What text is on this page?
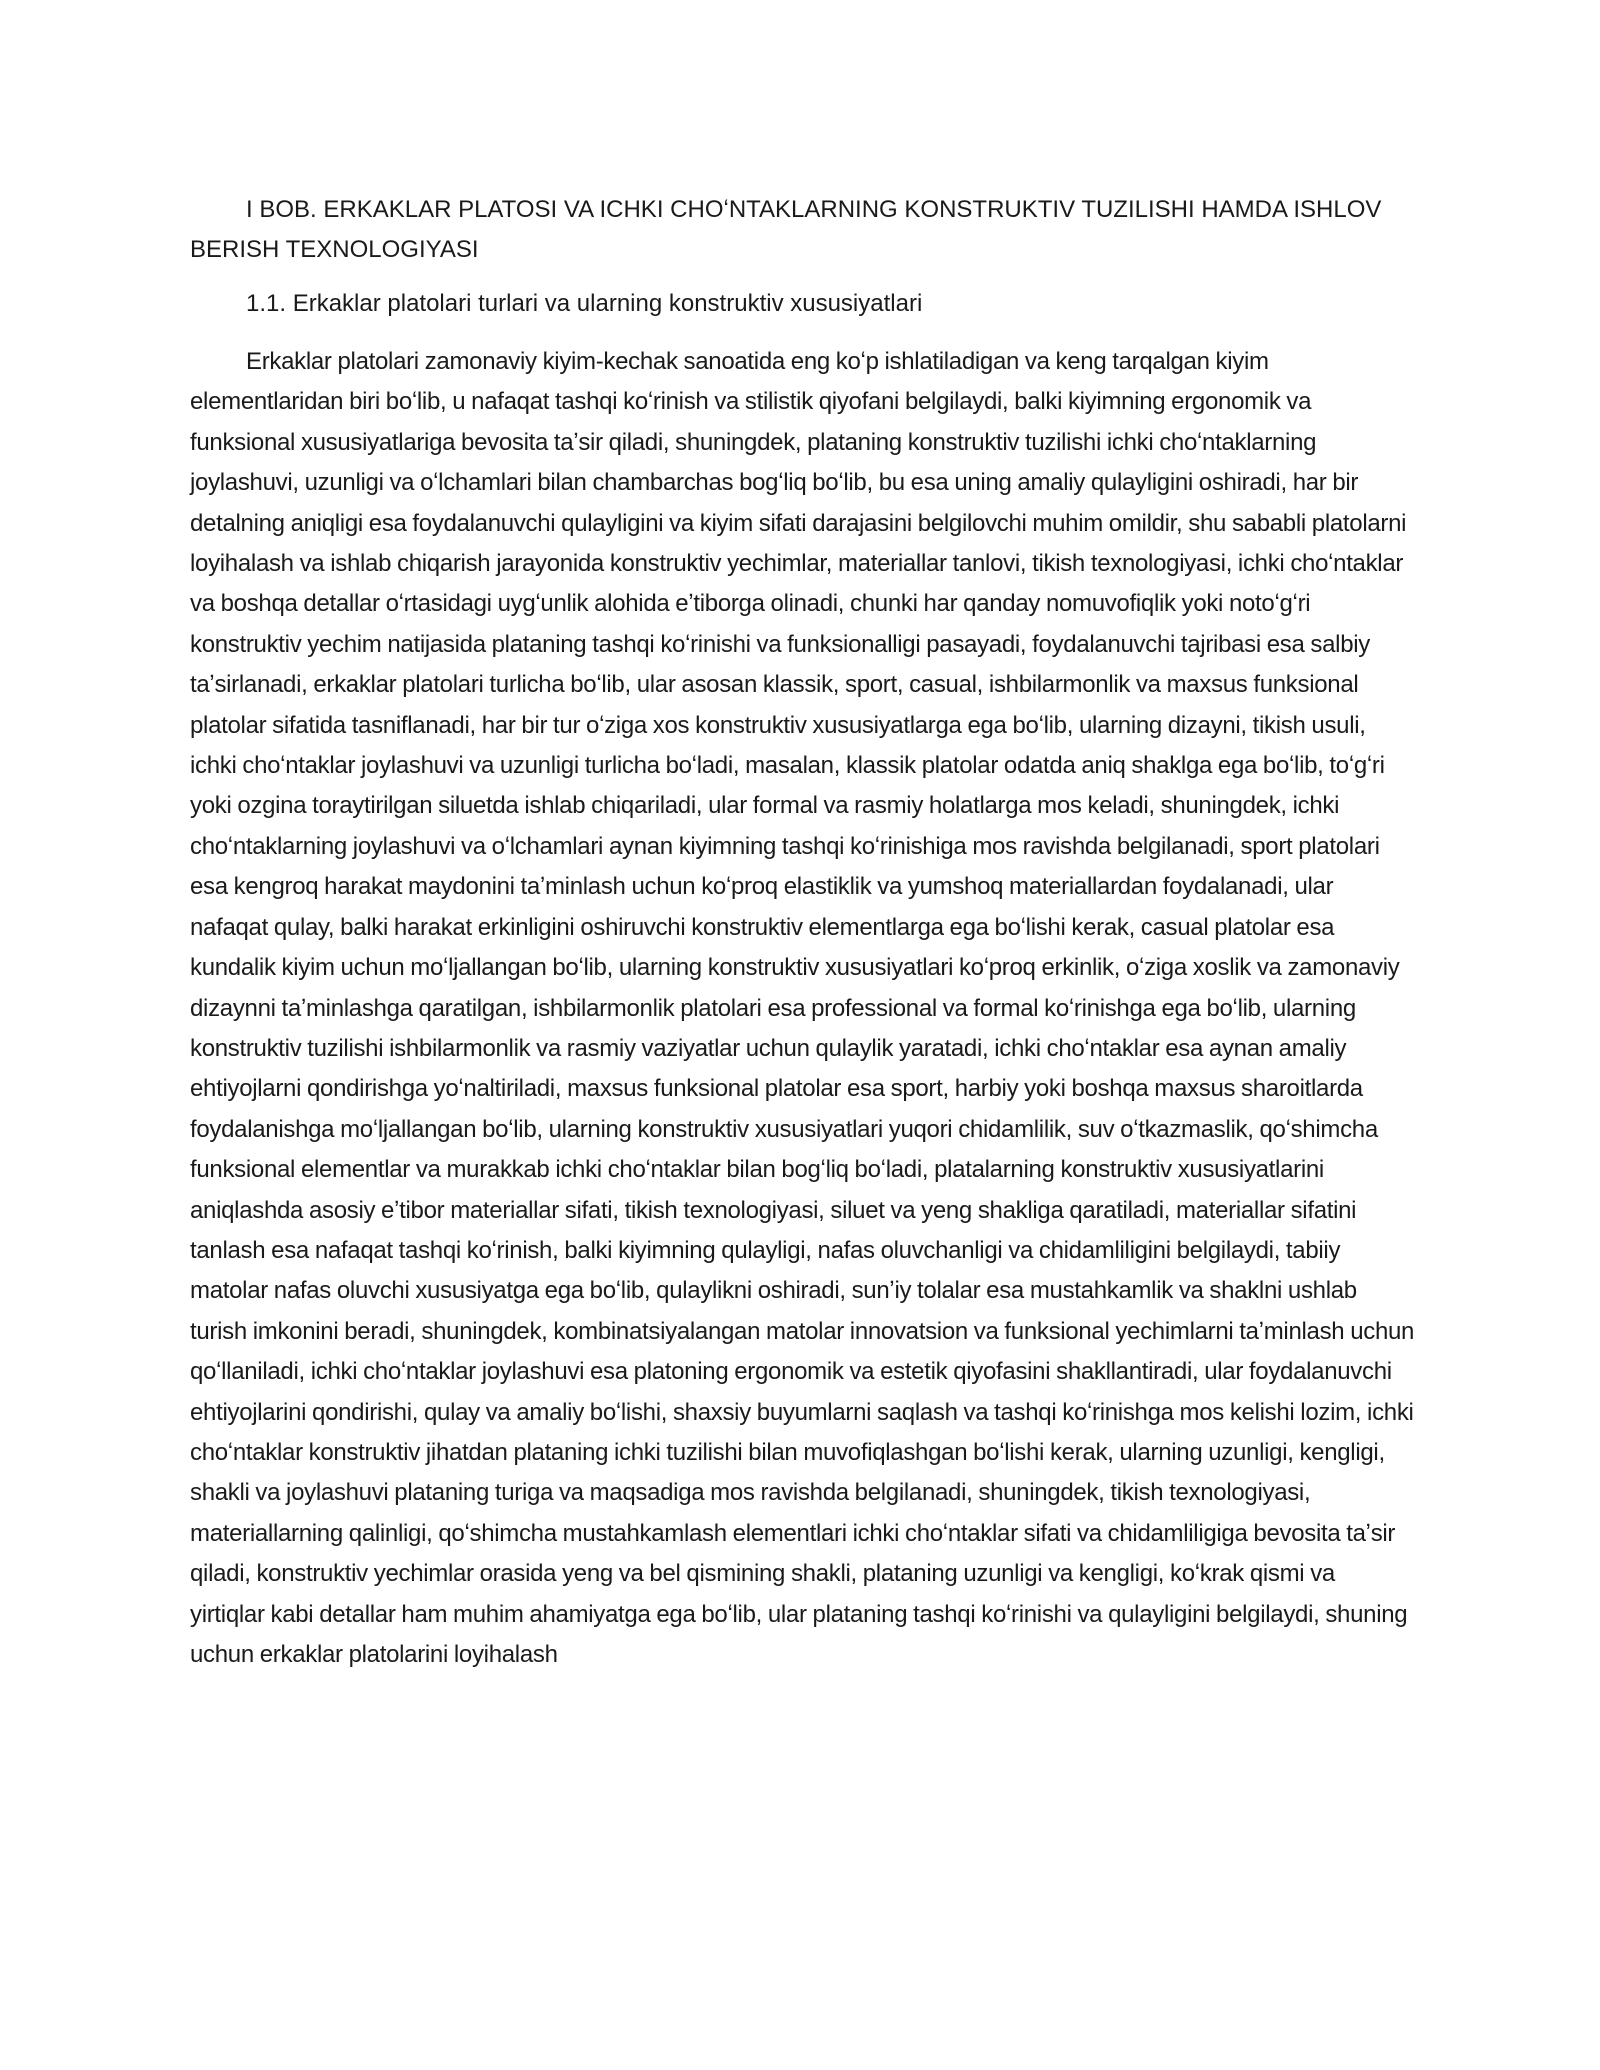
I BOB. ERKAKLAR PLATOSI VA ICHKI CHOʻNTAKLARNING KONSTRUKTIV TUZILISHI HAMDA ISHLOV BERISH TEXNOLOGIYASI
1.1. Erkaklar platolari turlari va ularning konstruktiv xususiyatlari

Erkaklar platolari zamonaviy kiyim-kechak sanoatida eng koʻp ishlatiladigan va keng tarqalgan kiyim elementlaridan biri boʻlib, u nafaqat tashqi koʻrinish va stilistik qiyofani belgilaydi, balki kiyimning ergonomik va funksional xususiyatlariga bevosita taʼsir qiladi, shuningdek, plataning konstruktiv tuzilishi ichki choʻntaklarning joylashuvi, uzunligi va oʻlchamlari bilan chambarchas bogʻliq boʻlib, bu esa uning amaliy qulayligini oshiradi, har bir detalning aniqligi esa foydalanuvchi qulayligini va kiyim sifati darajasini belgilovchi muhim omildir, shu sababli platolarni loyihalash va ishlab chiqarish jarayonida konstruktiv yechimlar, materiallar tanlovi, tikish texnologiyasi, ichki choʻntaklar va boshqa detallar oʻrtasidagi uygʻunlik alohida eʼtiborga olinadi, chunki har qanday nomuvofiqlik yoki notoʻgʻri konstruktiv yechim natijasida plataning tashqi koʻrinishi va funksionalligi pasayadi, foydalanuvchi tajribasi esa salbiy taʼsirlanadi, erkaklar platolari turlicha boʻlib, ular asosan klassik, sport, casual, ishbilarmonlik va maxsus funksional platolar sifatida tasniflanadi, har bir tur oʻziga xos konstruktiv xususiyatlarga ega boʻlib, ularning dizayni, tikish usuli, ichki choʻntaklar joylashuvi va uzunligi turlicha boʻladi, masalan, klassik platolar odatda aniq shaklga ega boʻlib, toʻgʻri yoki ozgina toraytirilgan siluetda ishlab chiqariladi, ular formal va rasmiy holatlarga mos keladi, shuningdek, ichki choʻntaklarning joylashuvi va oʻlchamlari aynan kiyimning tashqi koʻrinishiga mos ravishda belgilanadi, sport platolari esa kengroq harakat maydonini taʼminlash uchun koʻproq elastiklik va yumshoq materiallardan foydalanadi, ular nafaqat qulay, balki harakat erkinligini oshiruvchi konstruktiv elementlarga ega boʻlishi kerak, casual platolar esa kundalik kiyim uchun moʻljallangan boʻlib, ularning konstruktiv xususiyatlari koʻproq erkinlik, oʻziga xoslik va zamonaviy dizaynni taʼminlashga qaratilgan, ishbilarmonlik platolari esa professional va formal koʻrinishga ega boʻlib, ularning konstruktiv tuzilishi ishbilarmonlik va rasmiy vaziyatlar uchun qulaylik yaratadi, ichki choʻntaklar esa aynan amaliy ehtiyojlarni qondirishga yoʻnaltiriladi, maxsus funksional platolar esa sport, harbiy yoki boshqa maxsus sharoitlarda foydalanishga moʻljallangan boʻlib, ularning konstruktiv xususiyatlari yuqori chidamlilik, suv oʻtkazmaslik, qoʻshimcha funksional elementlar va murakkab ichki choʻntaklar bilan bogʻliq boʻladi, platalarning konstruktiv xususiyatlarini aniqlashda asosiy eʼtibor materiallar sifati, tikish texnologiyasi, siluet va yeng shakliga qaratiladi, materiallar sifatini tanlash esa nafaqat tashqi koʻrinish, balki kiyimning qulayligi, nafas oluvchanligi va chidamliligini belgilaydi, tabiiy matolar nafas oluvchi xususiyatga ega boʻlib, qulaylikni oshiradi, sunʼiy tolalar esa mustahkamlik va shaklni ushlab turish imkonini beradi, shuningdek, kombinatsiyalangan matolar innovatsion va funksional yechimlarni taʼminlash uchun qoʻllaniladi, ichki choʻntaklar joylashuvi esa platoning ergonomik va estetik qiyofasini shakllantiradi, ular foydalanuvchi ehtiyojlarini qondirishi, qulay va amaliy boʻlishi, shaxsiy buyumlarni saqlash va tashqi koʻrinishga mos kelishi lozim, ichki choʻntaklar konstruktiv jihatdan plataning ichki tuzilishi bilan muvofiqlashgan boʻlishi kerak, ularning uzunligi, kengligi, shakli va joylashuvi plataning turiga va maqsadiga mos ravishda belgilanadi, shuningdek, tikish texnologiyasi, materiallarning qalinligi, qoʻshimcha mustahkamlash elementlari ichki choʻntaklar sifati va chidamliligiga bevosita taʼsir qiladi, konstruktiv yechimlar orasida yeng va bel qismining shakli, plataning uzunligi va kengligi, koʻkrak qismi va yirtiqlar kabi detallar ham muhim ahamiyatga ega boʻlib, ular plataning tashqi koʻrinishi va qulayligini belgilaydi, shuning uchun erkaklar platolarini loyihalash
